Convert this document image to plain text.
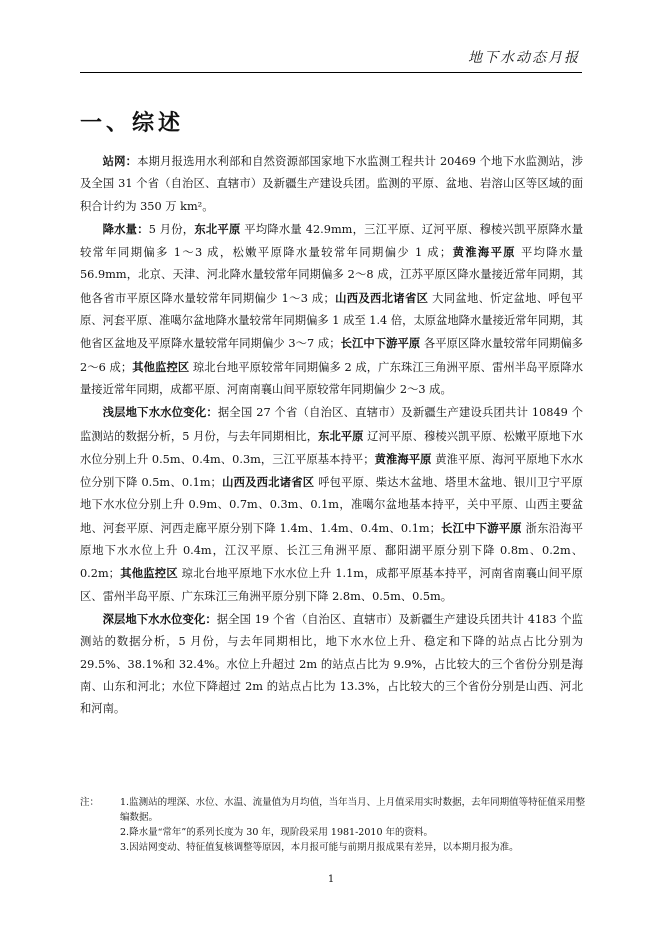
地下水动态月报
一、综述

站网：本期月报选用水利部和自然资源部国家地下水监测工程共计 20469 个地下水监测站，涉及全国 31 个省（自治区、直辖市）及新疆生产建设兵团。监测的平原、盆地、岩溶山区等区域的面积合计约为 350 万 km²。

降水量：5 月份，东北平原 平均降水量 42.9mm，三江平原、辽河平原、穆棱兴凯平原降水量较常年同期偏多 1～3 成，松嫩平原降水量较常年同期偏少 1 成；黄淮海平原 平均降水量 56.9mm，北京、天津、河北降水量较常年同期偏多 2～8 成，江苏平原区降水量接近常年同期，其他各省市平原区降水量较常年同期偏少 1～3 成；山西及西北诸省区 大同盆地、忻定盆地、呼包平原、河套平原、准噶尔盆地降水量较常年同期偏多 1 成至 1.4 倍，太原盆地降水量接近常年同期，其他省区盆地及平原降水量较常年同期偏少 3～7 成；长江中下游平原 各平原区降水量较常年同期偏多 2～6 成；其他监控区 琼北台地平原较常年同期偏多 2 成，广东珠江三角洲平原、雷州半岛平原降水量接近常年同期，成都平原、河南南襄山间平原较常年同期偏少 2～3 成。

浅层地下水水位变化：据全国 27 个省（自治区、直辖市）及新疆生产建设兵团共计 10849 个监测站的数据分析，5 月份，与去年同期相比，东北平原 辽河平原、穆棱兴凯平原、松嫩平原地下水水位分别上升 0.5m、0.4m、0.3m，三江平原基本持平；黄淮海平原 黄淮平原、海河平原地下水水位分别下降 0.5m、0.1m；山西及西北诸省区 呼包平原、柴达木盆地、塔里木盆地、银川卫宁平原地下水水位分别上升 0.9m、0.7m、0.3m、0.1m，准噶尔盆地基本持平，关中平原、山西主要盆地、河套平原、河西走廊平原分别下降 1.4m、1.4m、0.4m、0.1m；长江中下游平原 浙东沿海平原地下水水位上升 0.4m，江汉平原、长江三角洲平原、鄱阳湖平原分别下降 0.8m、0.2m、0.2m；其他监控区 琼北台地平原地下水水位上升 1.1m，成都平原基本持平，河南省南襄山间平原区、雷州半岛平原、广东珠江三角洲平原分别下降 2.8m、0.5m、0.5m。

深层地下水水位变化：据全国 19 个省（自治区、直辖市）及新疆生产建设兵团共计 4183 个监测站的数据分析，5 月份，与去年同期相比，地下水水位上升、稳定和下降的站点占比分别为 29.5%、38.1%和 32.4%。水位上升超过 2m 的站点占比为 9.9%，占比较大的三个省份分别是海南、山东和河北；水位下降超过 2m 的站点占比为 13.3%，占比较大的三个省份分别是山西、河北和河南。

注： 1.监测站的埋深、水位、水温、流量值为月均值，当年当月、上月值采用实时数据，去年同期值等特征值采用整编数据。
2.降水量“常年”的系列长度为 30 年，现阶段采用 1981-2010 年的资料。
3.因站网变动、特征值复核调整等原因，本月报可能与前期月报成果有差异，以本期月报为准。
1
